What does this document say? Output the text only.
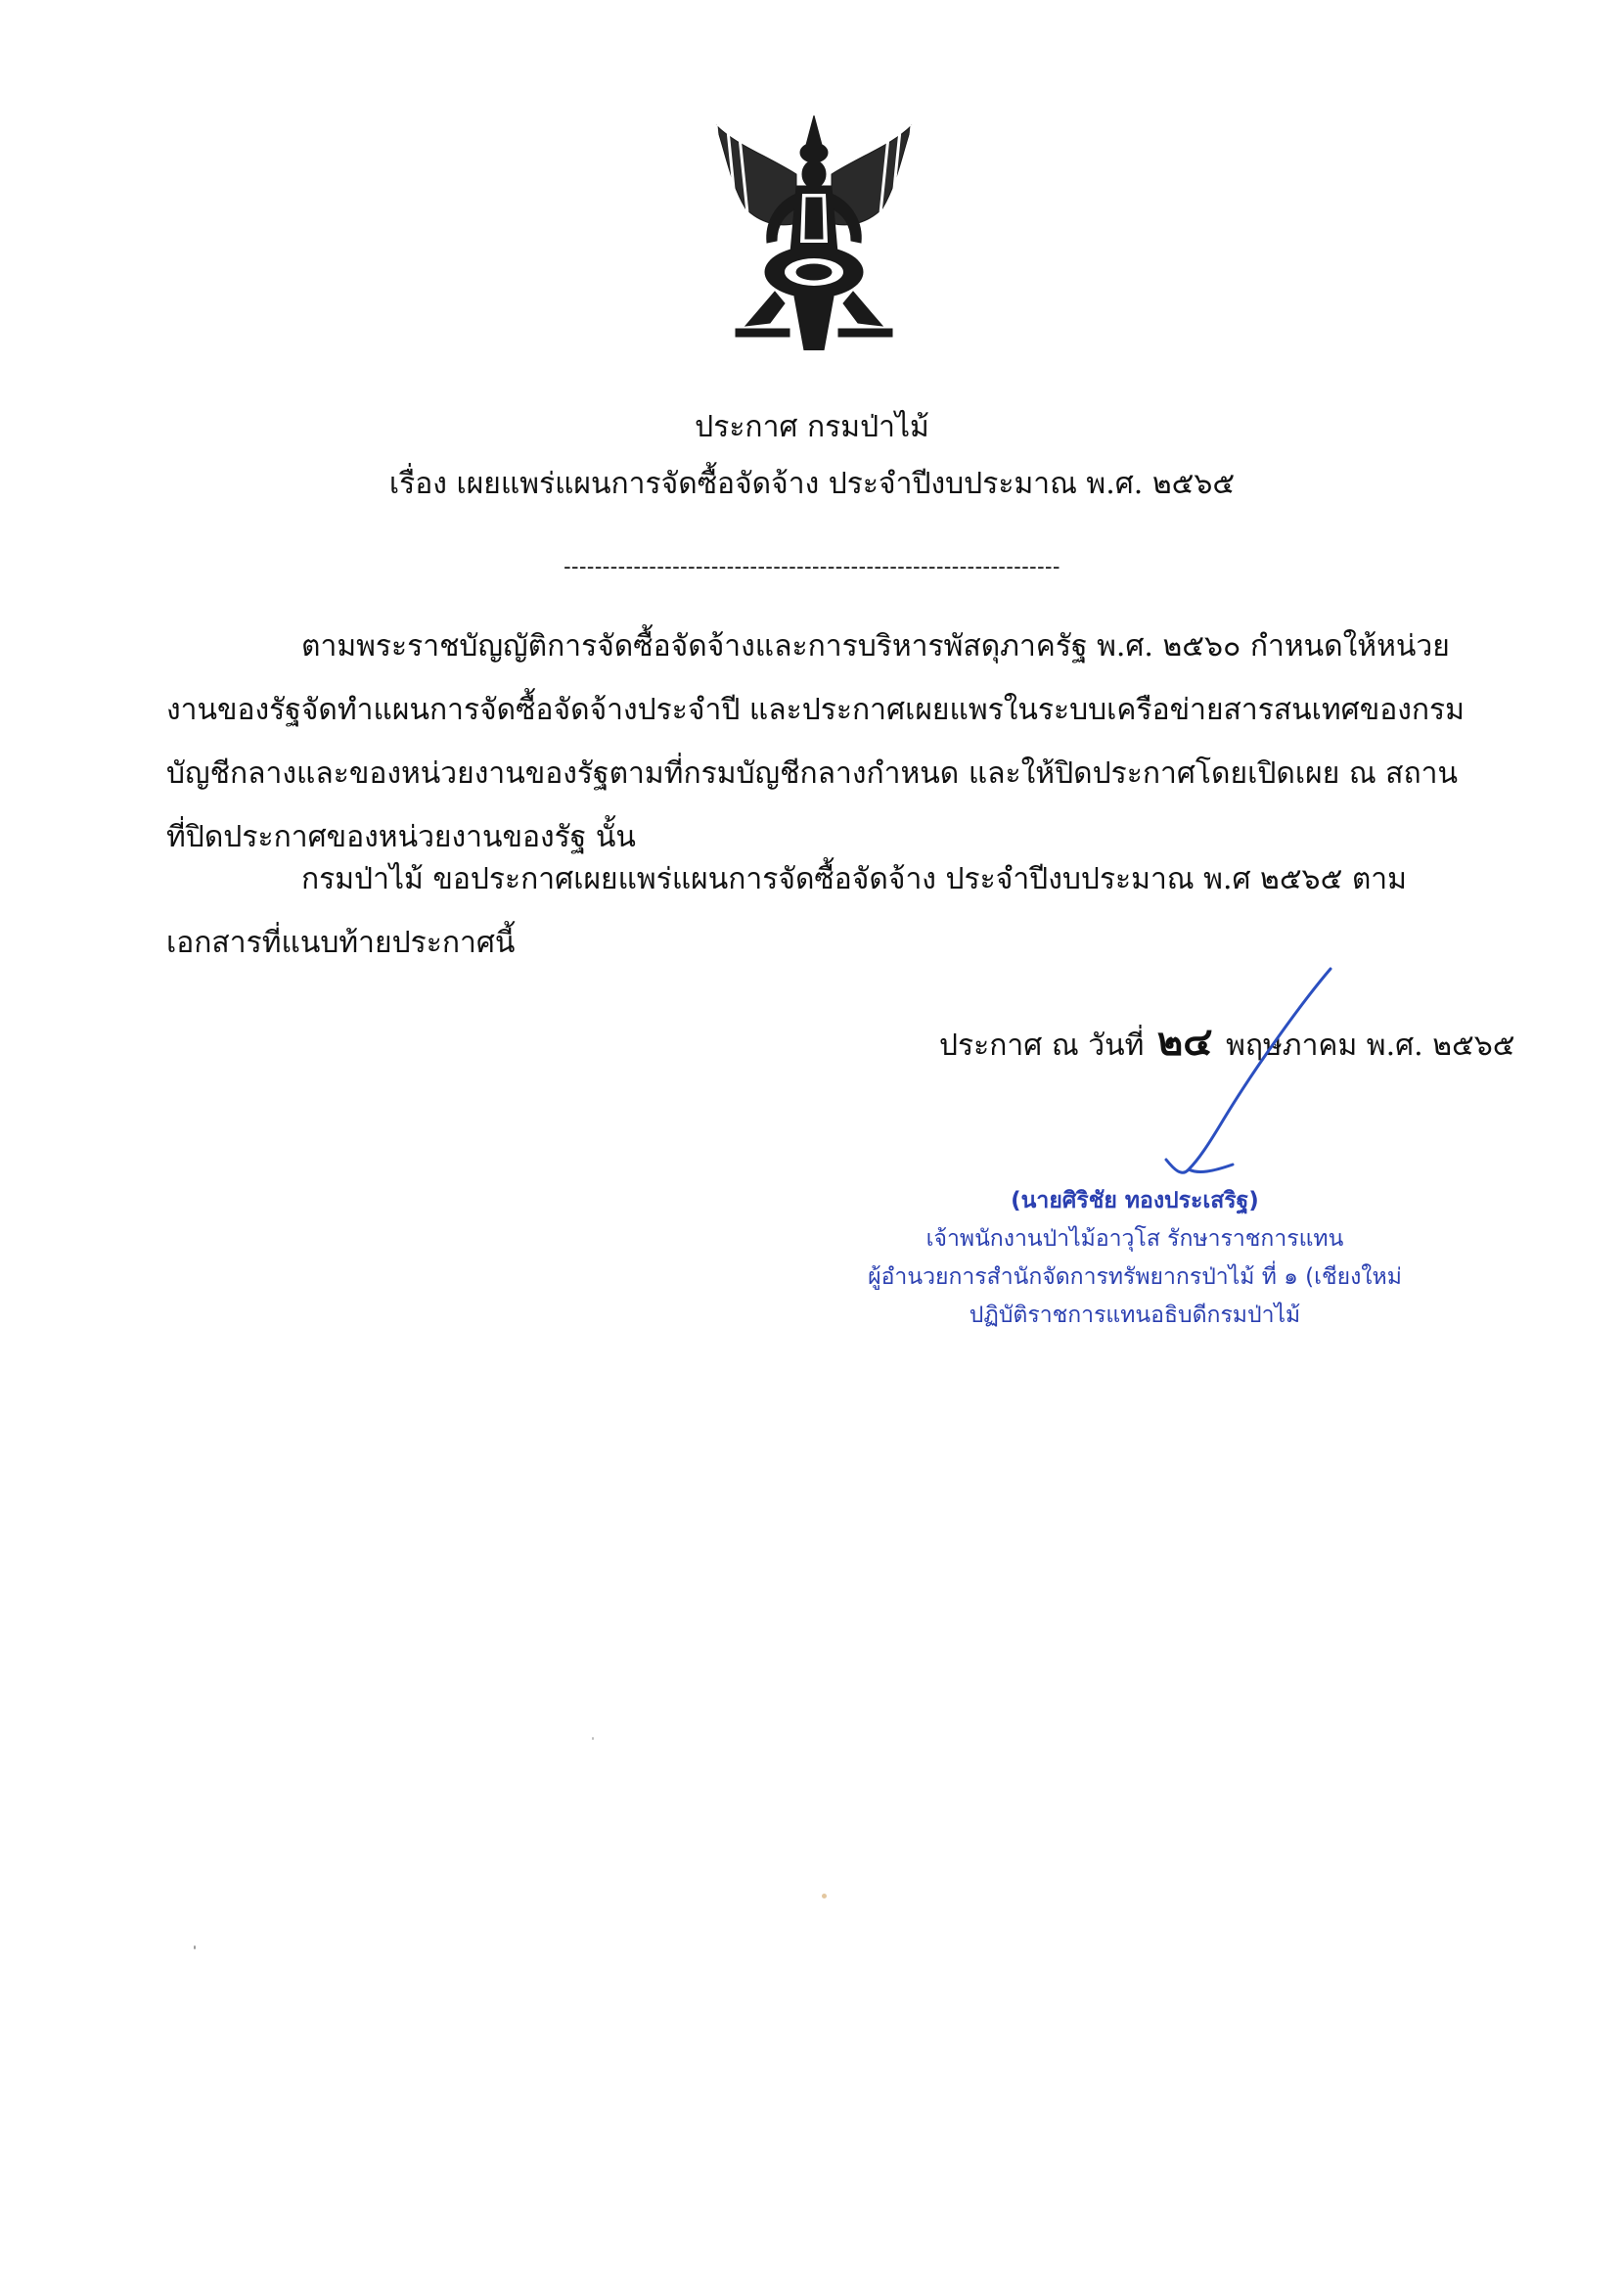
ประกาศ กรมป่าไม้
เรื่อง เผยแพร่แผนการจัดซื้อจัดจ้าง ประจำปีงบประมาณ พ.ศ. ๒๕๖๕
----------------------------------------------------------------

ตามพระราชบัญญัติการจัดซื้อจัดจ้างและการบริหารพัสดุภาครัฐ พ.ศ. ๒๕๖๐ กำหนดให้หน่วยงานของรัฐจัดทำแผนการจัดซื้อจัดจ้างประจำปี และประกาศเผยแพรในระบบเครือข่ายสารสนเทศของกรมบัญชีกลางและของหน่วยงานของรัฐตามที่กรมบัญชีกลางกำหนด และให้ปิดประกาศโดยเปิดเผย ณ สถานที่ปิดประกาศของหน่วยงานของรัฐ นั้น

กรมป่าไม้ ขอประกาศเผยแพร่แผนการจัดซื้อจัดจ้าง ประจำปีงบประมาณ พ.ศ ๒๕๖๕ ตามเอกสารที่แนบท้ายประกาศนี้

ประกาศ ณ วันที่ ๒๔ พฤษภาคม พ.ศ. ๒๕๖๕
(นายศิริชัย ทองประเสริฐ)
เจ้าพนักงานป่าไม้อาวุโส รักษาราชการแทน
ผู้อำนวยการสำนักจัดการทรัพยากรป่าไม้ ที่ ๑ (เชียงใหม่
ปฏิบัติราชการแทนอธิบดีกรมป่าไม้
